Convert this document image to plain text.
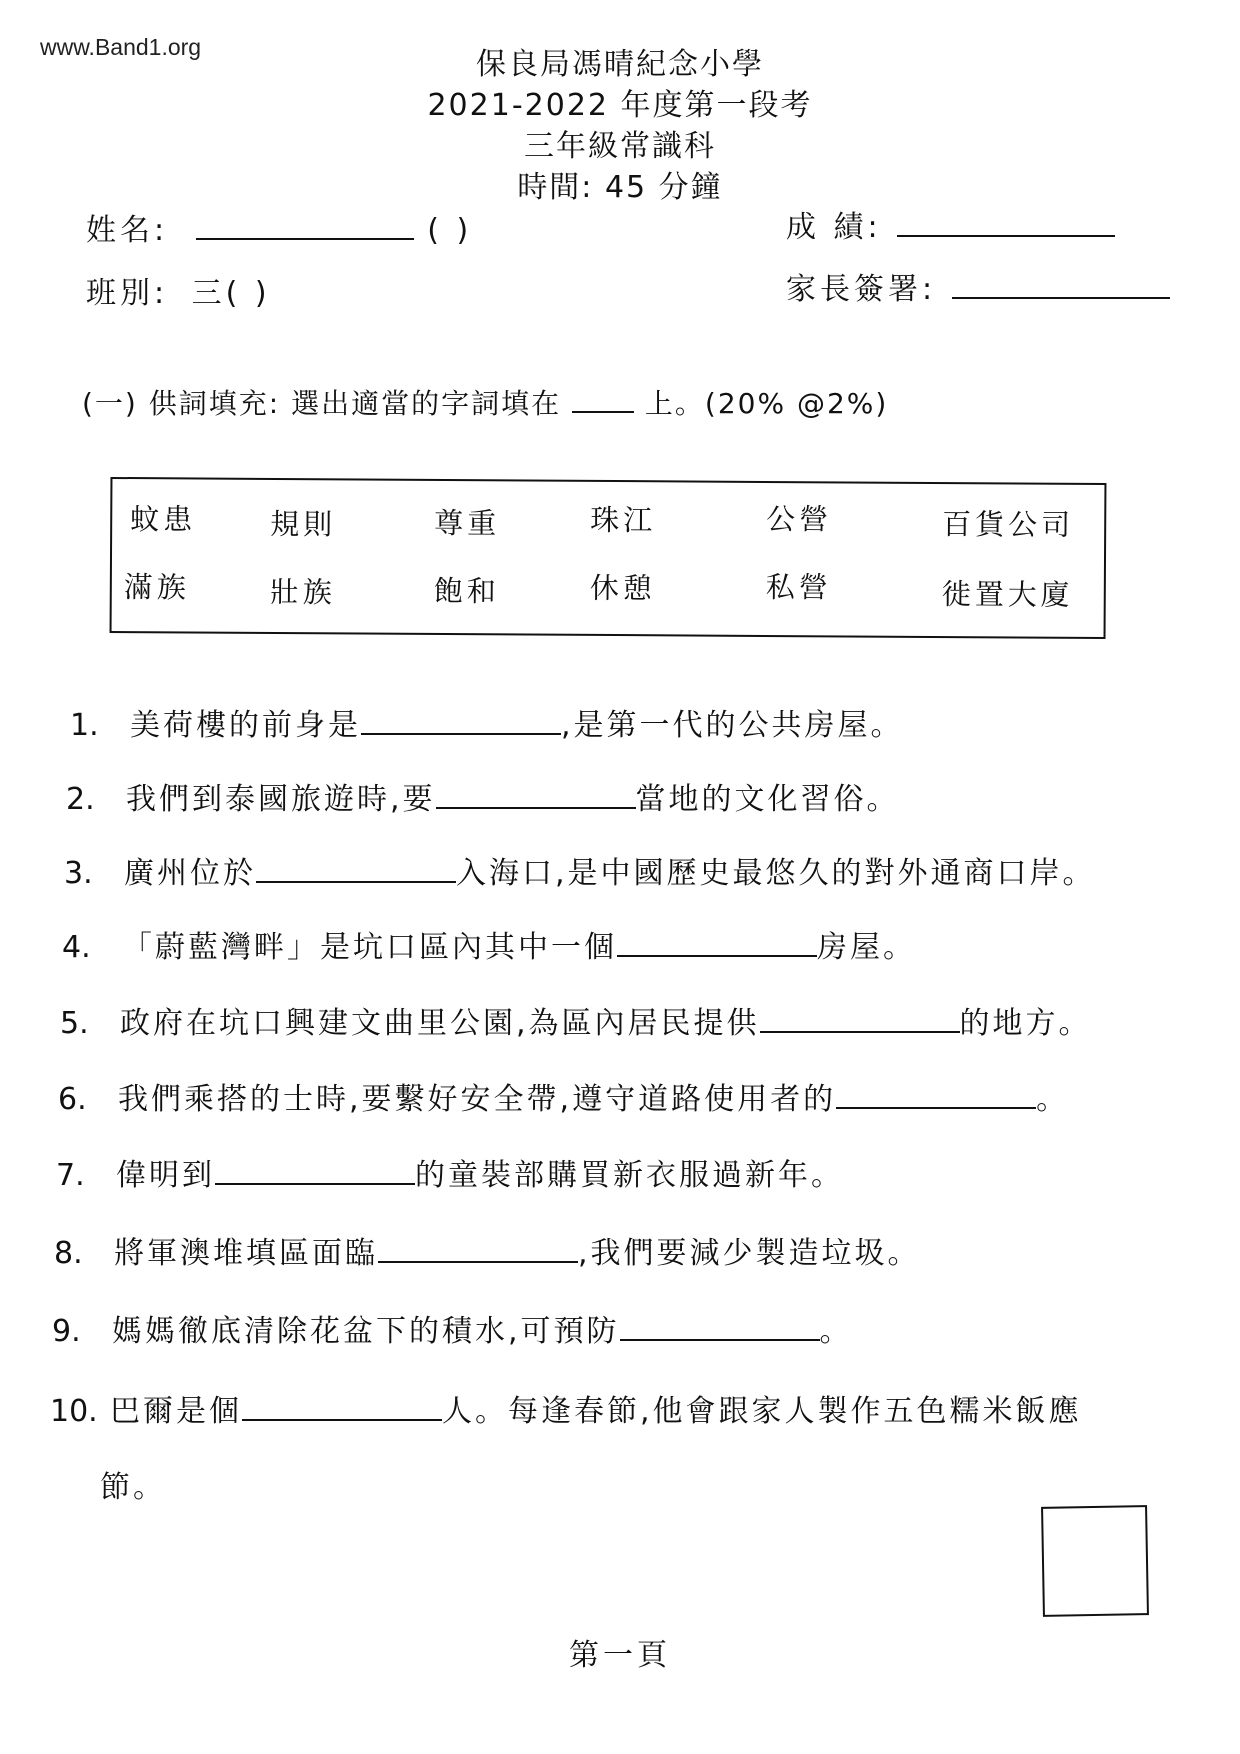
www.Band1.org	保良局馮晴紀念小學
2021-2022 年度第一段考
三年級常識科
時間: 45 分鐘
姓名:	( )
班別: 三( )
成 績:
家長簽署:
(一) 供詞填充: 選出適當的字詞填在	上。(20% @2%)
蚊患	規則	尊重	珠江	公營	百貨公司
滿族	壯族	飽和	休憩	私營	徙置大廈
1. 美荷樓的前身是	,是第一代的公共房屋。
2. 我們到泰國旅遊時,要	當地的文化習俗。
3. 廣州位於	入海口,是中國歷史最悠久的對外通商口岸。
4. 「蔚藍灣畔」是坑口區內其中一個	房屋。
5. 政府在坑口興建文曲里公園,為區內居民提供	的地方。
6. 我們乘搭的士時,要繫好安全帶,遵守道路使用者的	。
7. 偉明到	的童裝部購買新衣服過新年。
8. 將軍澳堆填區面臨	,我們要減少製造垃圾。
9. 媽媽徹底清除花盆下的積水,可預防	。
10. 巴爾是個	人。每逢春節,他會跟家人製作五色糯米飯應
節。
第一頁
